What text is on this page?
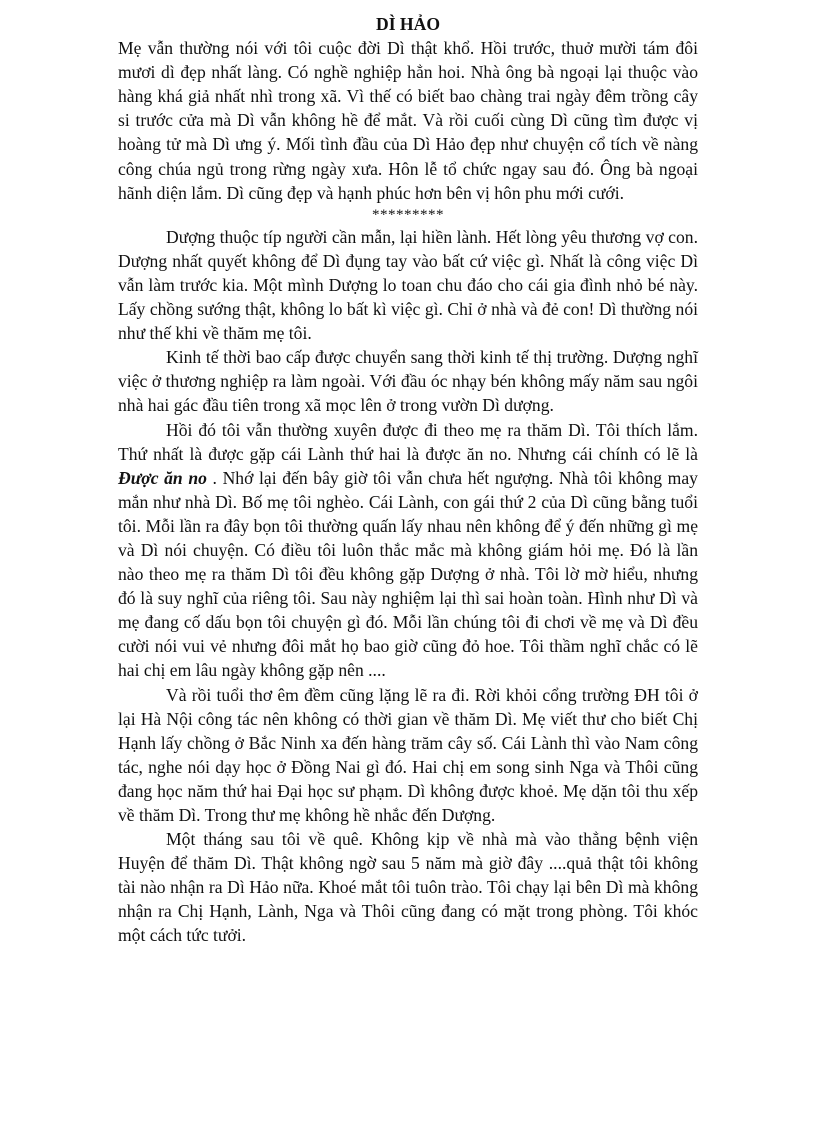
DÌ HẢO

Mẹ vẫn thường nói với tôi cuộc đời Dì thật khổ. Hồi trước, thuở mười tám đôi mươi dì đẹp nhất làng. Có nghề nghiệp hẳn hoi. Nhà ông bà ngoại lại thuộc vào hàng khá giả nhất nhì trong xã. Vì thế có biết bao chàng trai ngày đêm trồng cây si trước cửa mà Dì vẫn không hề để mắt. Và rồi cuối cùng Dì cũng tìm được vị hoàng tử mà Dì ưng ý. Mối tình đầu của Dì Hảo đẹp như chuyện cổ tích về nàng công chúa ngủ trong rừng ngày xưa. Hôn lễ tổ chức ngay sau đó. Ông bà ngoại hãnh diện lắm. Dì cũng đẹp và hạnh phúc hơn bên vị hôn phu mới cưới.

*********

Dượng thuộc típ người cần mẫn, lại hiền lành. Hết lòng yêu thương vợ con. Dượng nhất quyết không để Dì đụng tay vào bất cứ việc gì. Nhất là công việc Dì vẫn làm trước kia. Một mình Dượng lo toan chu đáo cho cái gia đình nhỏ bé này. Lấy chồng sướng thật, không lo bất kì việc gì. Chỉ ở nhà và đẻ con! Dì thường nói như thế khi về thăm mẹ tôi.

Kinh tế thời bao cấp được chuyển sang thời kinh tế thị trường. Dượng nghĩ việc ở thương nghiệp ra làm ngoài. Với đầu óc nhạy bén không mấy năm sau ngôi nhà hai gác đầu tiên trong xã mọc lên ở trong vườn Dì dượng.

Hồi đó tôi vẫn thường xuyên được đi theo mẹ ra thăm Dì. Tôi thích lắm. Thứ nhất là được gặp cái Lành thứ hai là được ăn no. Nhưng cái chính có lẽ là Được ăn no . Nhớ lại đến bây giờ tôi vẫn chưa hết ngượng. Nhà tôi không may mắn như nhà Dì. Bố mẹ tôi nghèo. Cái Lành, con gái thứ 2 của Dì cũng bằng tuổi tôi. Mỗi lần ra đây bọn tôi thường quấn lấy nhau nên không để ý đến những gì mẹ và Dì nói chuyện. Có điều tôi luôn thắc mắc mà không giám hỏi mẹ. Đó là lần nào theo mẹ ra thăm Dì tôi đều không gặp Dượng ở nhà. Tôi lờ mờ hiểu, nhưng đó là suy nghĩ của riêng tôi. Sau này nghiệm lại thì sai hoàn toàn. Hình như Dì và mẹ đang cố dấu bọn tôi chuyện gì đó. Mỗi lần chúng tôi đi chơi về mẹ và Dì đều cười nói vui vẻ nhưng đôi mắt họ bao giờ cũng đỏ hoe. Tôi thầm nghĩ chắc có lẽ hai chị em lâu ngày không gặp nên ....

Và rồi tuổi thơ êm đềm cũng lặng lẽ ra đi. Rời khỏi cổng trường ĐH tôi ở lại Hà Nội công tác nên không có thời gian về thăm Dì. Mẹ viết thư cho biết Chị Hạnh lấy chồng ở Bắc Ninh xa đến hàng trăm cây số. Cái Lành thì vào Nam công tác, nghe nói dạy học ở Đồng Nai gì đó. Hai chị em song sinh Nga và Thôi cũng đang học năm thứ hai Đại học sư phạm. Dì không được khoẻ. Mẹ dặn tôi thu xếp về thăm Dì. Trong thư mẹ không hề nhắc đến Dượng.

Một tháng sau tôi về quê. Không kịp về nhà mà vào thẳng bệnh viện Huyện để thăm Dì. Thật không ngờ sau 5 năm mà giờ đây ....quả thật tôi không tài nào nhận ra Dì Hảo nữa. Khoé mắt tôi tuôn trào. Tôi chạy lại bên Dì mà không nhận ra Chị Hạnh, Lành, Nga và Thôi cũng đang có mặt trong phòng. Tôi khóc một cách tức tưởi.
